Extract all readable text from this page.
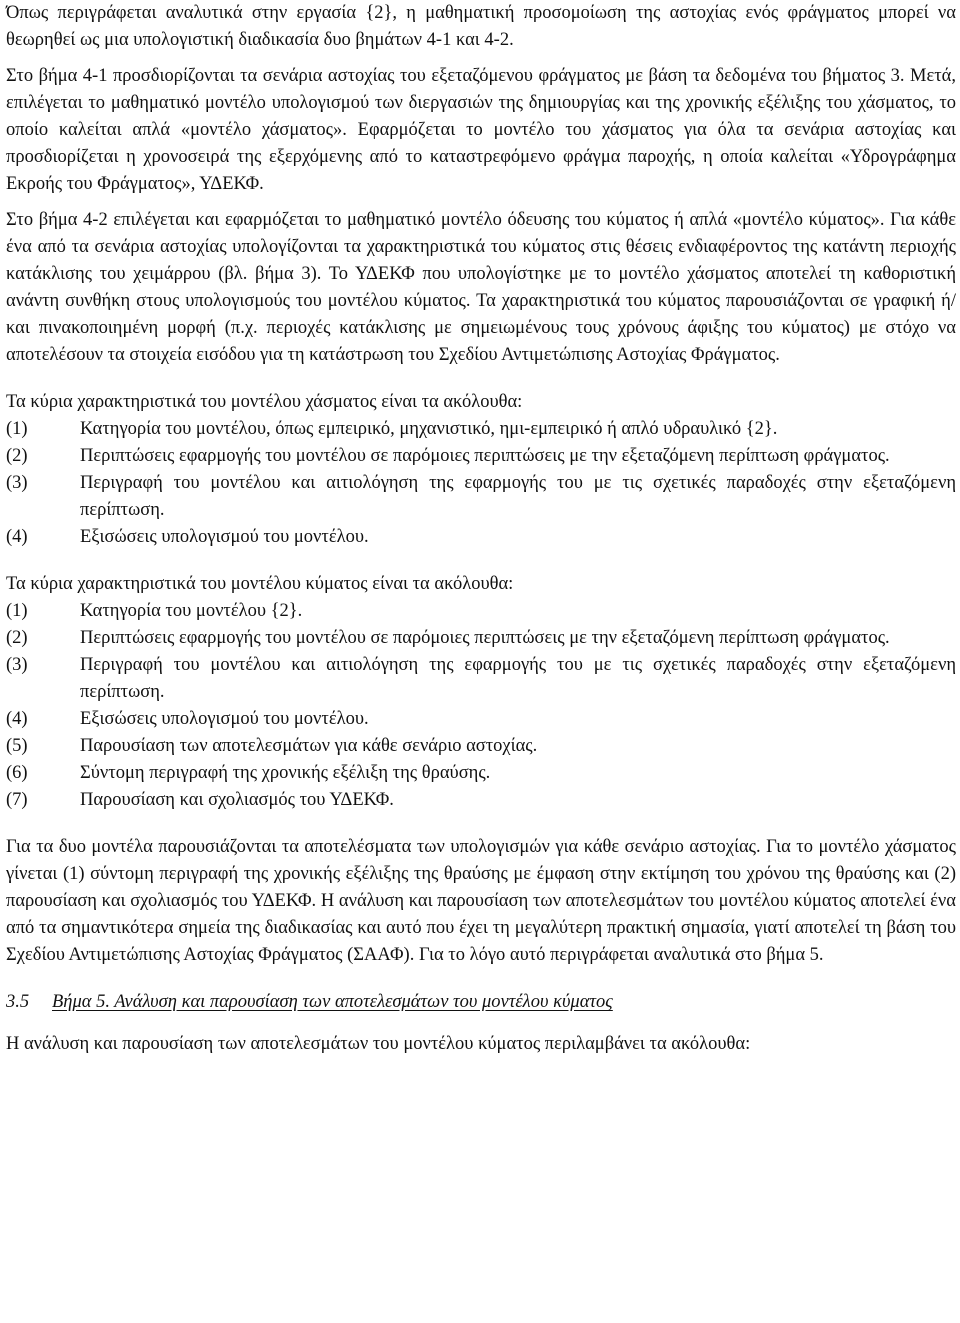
Όπως περιγράφεται αναλυτικά στην εργασία {2}, η μαθηματική προσομοίωση της αστοχίας ενός φράγματος μπορεί να θεωρηθεί ως μια υπολογιστική διαδικασία δυο βημάτων 4-1 και 4-2.

Στο βήμα 4-1 προσδιορίζονται τα σενάρια αστοχίας του εξεταζόμενου φράγματος με βάση τα δεδομένα του βήματος 3. Μετά, επιλέγεται το μαθηματικό μοντέλο υπολογισμού των διεργασιών της δημιουργίας και της χρονικής εξέλιξης του χάσματος, το οποίο καλείται απλά «μοντέλο χάσματος». Εφαρμόζεται το μοντέλο του χάσματος για όλα τα σενάρια αστοχίας και προσδιορίζεται η χρονοσειρά της εξερχόμενης από το καταστρεφόμενο φράγμα παροχής, η οποία καλείται «Υδρογράφημα Εκροής του Φράγματος», ΥΔΕΚΦ.

Στο βήμα 4-2 επιλέγεται και εφαρμόζεται το μαθηματικό μοντέλο όδευσης του κύματος ή απλά «μοντέλο κύματος». Για κάθε ένα από τα σενάρια αστοχίας υπολογίζονται τα χαρακτηριστικά του κύματος στις θέσεις ενδιαφέροντος της κατάντη περιοχής κατάκλισης του χειμάρρου (βλ. βήμα 3). Το ΥΔΕΚΦ που υπολογίστηκε με το μοντέλο χάσματος αποτελεί τη καθοριστική ανάντη συνθήκη στους υπολογισμούς του μοντέλου κύματος. Τα χαρακτηριστικά του κύματος παρουσιάζονται σε γραφική ή/και πινακοποιημένη μορφή (π.χ. περιοχές κατάκλισης με σημειωμένους τους χρόνους άφιξης του κύματος) με στόχο να αποτελέσουν τα στοιχεία εισόδου για τη κατάστρωση του Σχεδίου Αντιμετώπισης Αστοχίας Φράγματος.

Τα κύρια χαρακτηριστικά του μοντέλου χάσματος είναι τα ακόλουθα:

(1)	Κατηγορία του μοντέλου, όπως εμπειρικό, μηχανιστικό, ημι-εμπειρικό ή απλό υδραυλικό {2}.
(2)	Περιπτώσεις εφαρμογής του μοντέλου σε παρόμοιες περιπτώσεις με την εξεταζόμενη περίπτωση φράγματος.
(3)	Περιγραφή του μοντέλου και αιτιολόγηση της εφαρμογής του με τις σχετικές παραδοχές στην εξεταζόμενη περίπτωση.
(4)	Εξισώσεις υπολογισμού του μοντέλου.

Τα κύρια χαρακτηριστικά του μοντέλου κύματος είναι τα ακόλουθα:

(1)	Κατηγορία του μοντέλου {2}.
(2)	Περιπτώσεις εφαρμογής του μοντέλου σε παρόμοιες περιπτώσεις με την εξεταζόμενη περίπτωση φράγματος.
(3)	Περιγραφή του μοντέλου και αιτιολόγηση της εφαρμογής του με τις σχετικές παραδοχές στην εξεταζόμενη περίπτωση.
(4)	Εξισώσεις υπολογισμού του μοντέλου.
(5)	Παρουσίαση των αποτελεσμάτων για κάθε σενάριο αστοχίας.
(6)	Σύντομη περιγραφή της χρονικής εξέλιξη της θραύσης.
(7)	Παρουσίαση και σχολιασμός του ΥΔΕΚΦ.

Για τα δυο μοντέλα παρουσιάζονται τα αποτελέσματα των υπολογισμών για κάθε σενάριο αστοχίας. Για το μοντέλο χάσματος γίνεται (1) σύντομη περιγραφή της χρονικής εξέλιξης της θραύσης με έμφαση στην εκτίμηση του χρόνου της θραύσης και (2) παρουσίαση και σχολιασμός του ΥΔΕΚΦ. Η ανάλυση και παρουσίαση των αποτελεσμάτων του μοντέλου κύματος αποτελεί ένα από τα σημαντικότερα σημεία της διαδικασίας και αυτό που έχει τη μεγαλύτερη πρακτική σημασία, γιατί αποτελεί τη βάση του Σχεδίου Αντιμετώπισης Αστοχίας Φράγματος (ΣΑΑΦ). Για το λόγο αυτό περιγράφεται αναλυτικά στο βήμα 5.

3.5	Βήμα 5. Ανάλυση και παρουσίαση των αποτελεσμάτων του μοντέλου κύματος

Η ανάλυση και παρουσίαση των αποτελεσμάτων του μοντέλου κύματος περιλαμβάνει τα ακόλουθα:
